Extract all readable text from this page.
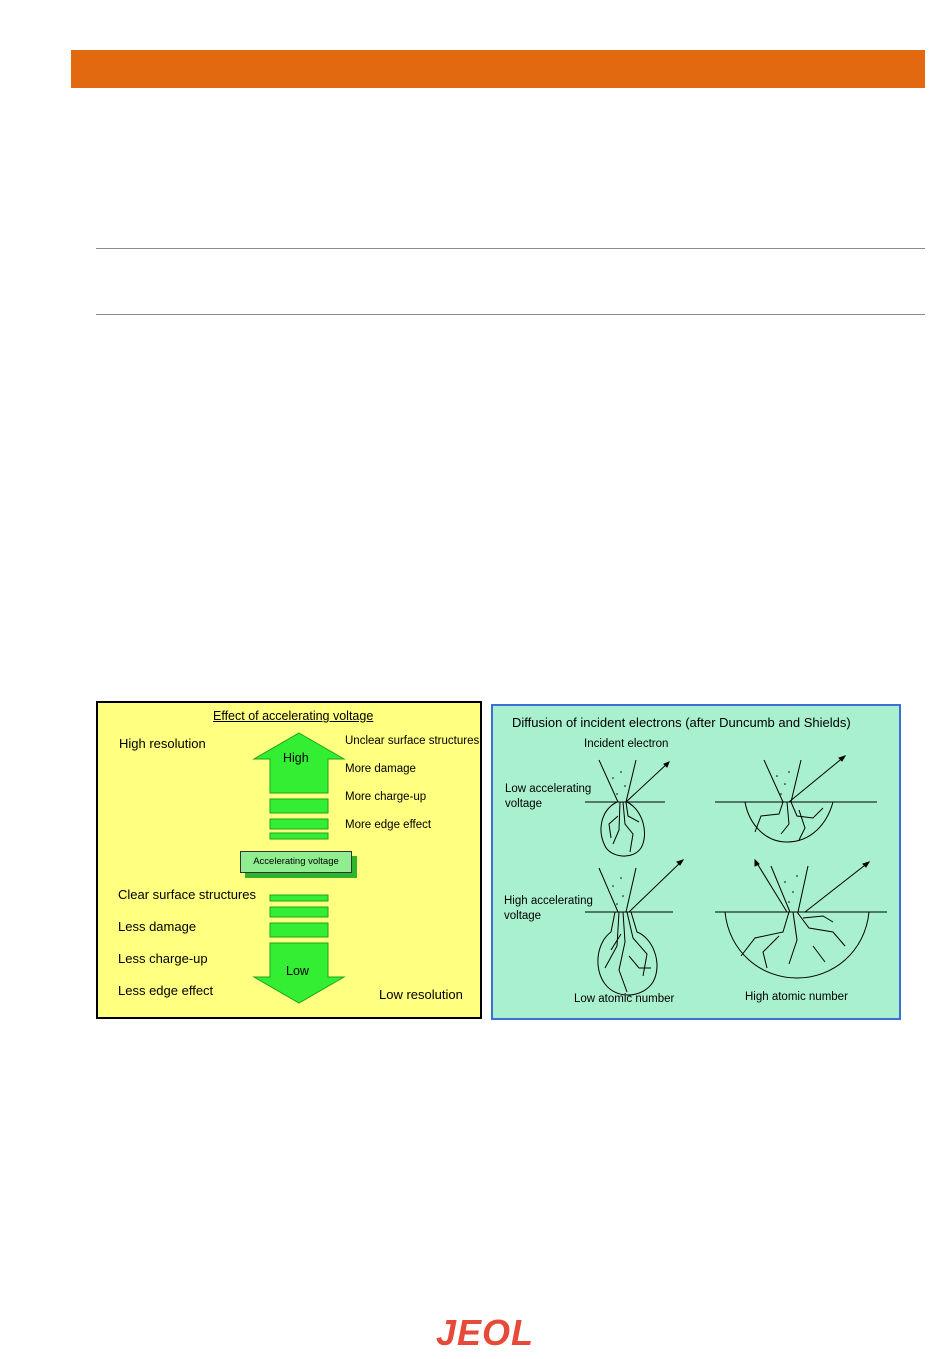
Effect of accelerating voltage
High resolution
High
Unclear surface structures
More damage
More charge-up
More edge effect
Accelerating voltage
Clear surface structures
Less damage
Less charge-up
Less edge effect
Low
Low resolution
Diffusion of incident electrons (after Duncumb and Shields)
Incident electron
Low accelerating
voltage
High accelerating
voltage
Low atomic number	High atomic number
JEOL
